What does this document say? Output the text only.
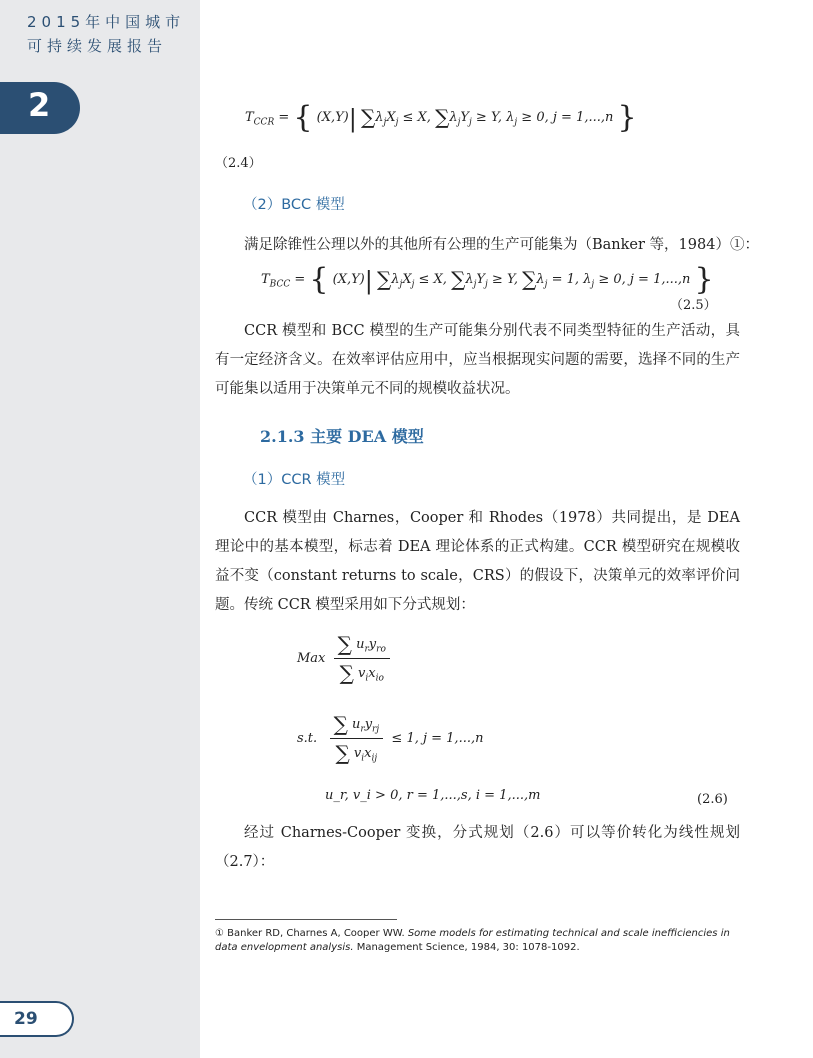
2015年中国城市
可持续发展报告
2
29
$T_{CCR}$ = { (X,Y)| $\sum\lambda_jX_j \le X$, $\sum\lambda_jY_j \ge Y$, $\lambda_j \ge 0$, j = 1,...,n }
（2.4）
（2）BCC 模型
满足除锥性公理以外的其他所有公理的生产可能集为（Banker 等，1984）①：
$T_{BCC}$ = { (X,Y)| $\sum\lambda_jX_j \le X$, $\sum\lambda_jY_j \ge Y$, $\sum\lambda_j = 1$, $\lambda_j \ge 0$, j = 1,...,n }
（2.5）

CCR 模型和 BCC 模型的生产可能集分别代表不同类型特征的生产活动，具有一定经济含义。在效率评估应用中，应当根据现实问题的需要，选择不同的生产可能集以适用于决策单元不同的规模收益状况。

2.1.3 主要 DEA 模型
（1）CCR 模型

CCR 模型由 Charnes，Cooper 和 Rhodes（1978）共同提出，是 DEA 理论中的基本模型，标志着 DEA 理论体系的正式构建。CCR 模型研究在规模收益不变（constant returns to scale，CRS）的假设下，决策单元的效率评价问题。传统 CCR 模型采用如下分式规划：

Max $\frac{\sum u_ry_{ro}}{\sum v_ix_{io}}$
s.t. $\frac{\sum u_ry_{rj}}{\sum v_ix_{ij}} \le 1$, j = 1,...,n
u_r, v_i > 0, r = 1,...,s, i = 1,...,m	(2.6)

经过 Charnes-Cooper 变换，分式规划（2.6）可以等价转化为线性规划（2.7）：

① Banker RD, Charnes A, Cooper WW. Some models for estimating technical and scale inefficiencies in data envelopment analysis. Management Science, 1984, 30: 1078-1092.
